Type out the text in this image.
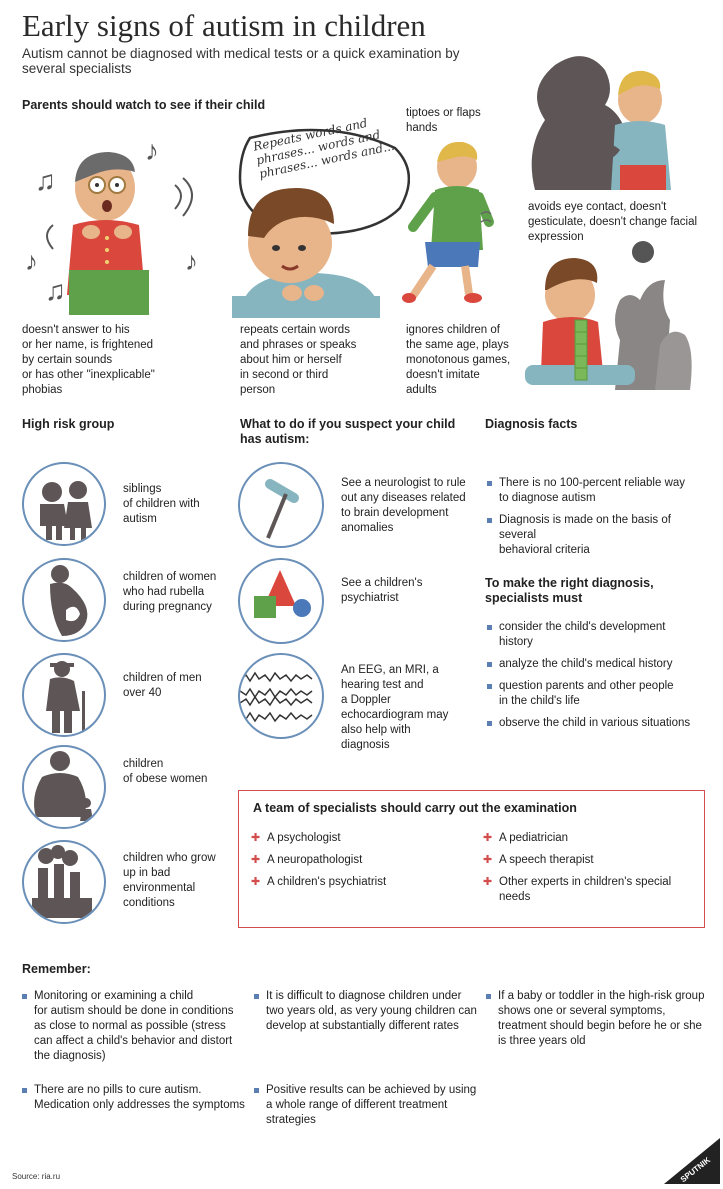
Early signs of autism in children
Autism cannot be diagnosed with medical tests or a quick examination by several specialists
Parents should watch to see if their child
♪
♫
♪
♫
♪
Repeats words and phrases... words and phrases... words and...
tiptoes or flaps
hands
avoids eye contact, doesn't
gesticulate, doesn't change facial
expression
doesn't answer to his
or her name, is frightened
by certain sounds
or has other "inexplicable"
phobias
repeats certain words
and phrases or speaks
about him or herself
in second or third
person
ignores children of
the same age, plays
monotonous games,
doesn't imitate
adults
High risk group	What to do if you suspect your child
has autism:
Diagnosis facts
siblings
of children with
autism
children of women
who had rubella
during pregnancy
children of men
over 40
children
of obese women
children who grow
up in bad
environmental
conditions
See a neurologist to rule
out any diseases related
to brain development
anomalies
See a children's
psychiatrist
An EEG, an MRI, a
hearing test and
a Doppler
echocardiogram may
also help with
diagnosis
There is no 100-percent reliable way
to diagnose autism
Diagnosis is made on the basis of several
behavioral criteria
To make the right diagnosis,
specialists must
consider the child's development
history
analyze the child's medical history
question parents and other people
in the child's life
observe the child in various situations
A team of specialists should carry out the examination
✚ A psychologist
✚ A neuropathologist
✚ A children's psychiatrist
✚ A pediatrician
✚ A speech therapist
✚ Other experts in children's special needs
Remember:
Monitoring or examining a child
for autism should be done in conditions
as close to normal as possible (stress
can affect a child's behavior and distort
the diagnosis)
It is difficult to diagnose children under
two years old, as very young children can
develop at substantially different rates
If a baby or toddler in the high-risk group
shows one or several symptoms,
treatment should begin before he or she
is three years old
There are no pills to cure autism.
Medication only addresses the symptoms
Positive results can be achieved by using
a whole range of different treatment
strategies
Source: ria.ru	SPUTNIK
